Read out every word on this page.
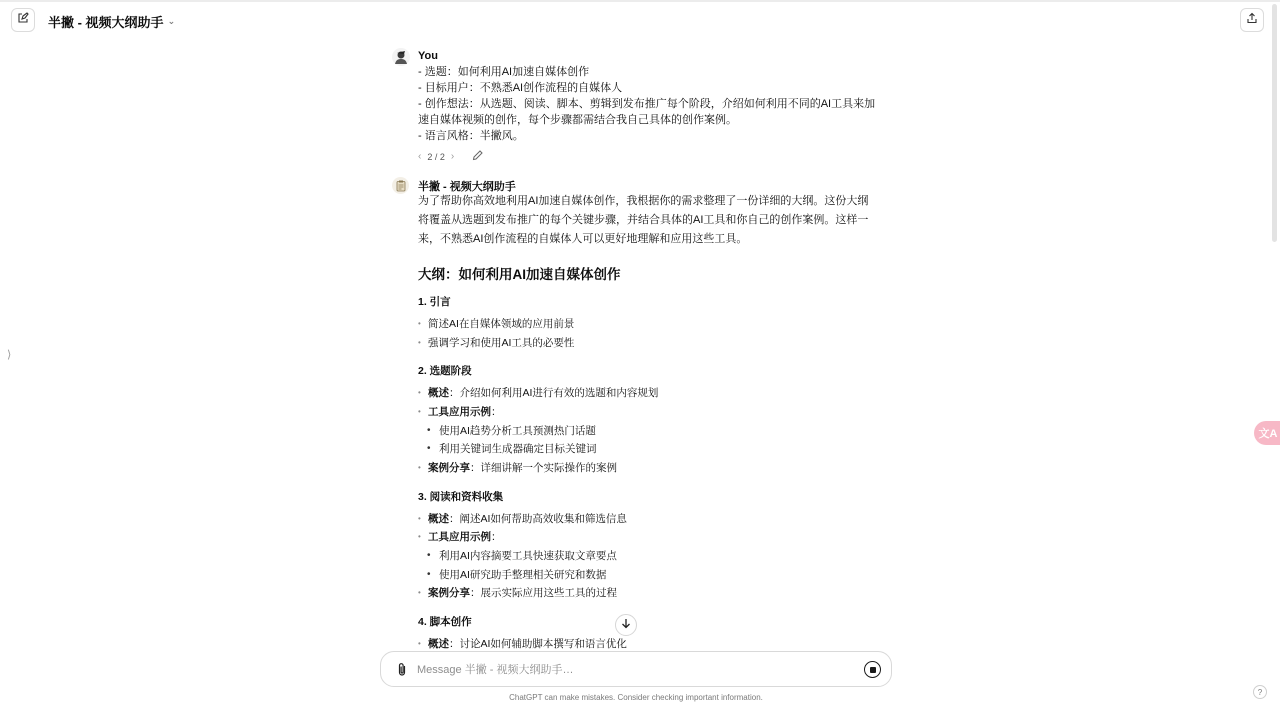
半撇 - 视频大纲助手 ⌄
⟩
文A
You
- 选题：如何利用AI加速自媒体创作
- 目标用户：不熟悉AI创作流程的自媒体人
- 创作想法：从选题、阅读、脚本、剪辑到发布推广每个阶段，介绍如何利用不同的AI工具来加
速自媒体视频的创作，每个步骤都需结合我自己具体的创作案例。
- 语言风格：半撇风。
‹ 2 / 2 ›
半撇 - 视频大纲助手
为了帮助你高效地利用AI加速自媒体创作，我根据你的需求整理了一份详细的大纲。这份大纲将覆盖从选题到发布推广的每个关键步骤，并结合具体的AI工具和你自己的创作案例。这样一来，不熟悉AI创作流程的自媒体人可以更好地理解和应用这些工具。
大纲：如何利用AI加速自媒体创作
1. 引言
• 简述AI在自媒体领域的应用前景
• 强调学习和使用AI工具的必要性
2. 选题阶段
• 概述：介绍如何利用AI进行有效的选题和内容规划
• 工具应用示例：
• 使用AI趋势分析工具预测热门话题
• 利用关键词生成器确定目标关键词
• 案例分享：详细讲解一个实际操作的案例
3. 阅读和资料收集
• 概述：阐述AI如何帮助高效收集和筛选信息
• 工具应用示例：
• 利用AI内容摘要工具快速获取文章要点
• 使用AI研究助手整理相关研究和数据
• 案例分享：展示实际应用这些工具的过程
4. 脚本创作
• 概述：讨论AI如何辅助脚本撰写和语言优化
Message 半撇 - 视频大纲助手…
ChatGPT can make mistakes. Consider checking important information.
?
